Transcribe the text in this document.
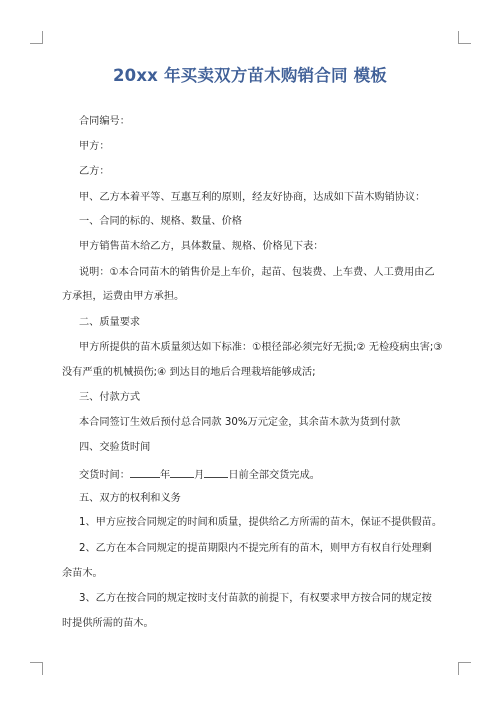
20xx 年买卖双方苗木购销合同 模板
合同编号：
甲方：
乙方：
甲、乙方本着平等、互惠互利的原则，经友好协商，达成如下苗木购销协议：
一、合同的标的、规格、数量、价格
甲方销售苗木给乙方，具体数量、规格、价格见下表：
说明：①本合同苗木的销售价是上车价，起苗、包装费、上车费、人工费用由乙
方承担，运费由甲方承担。
二、质量要求
甲方所提供的苗木质量须达如下标准：①根径部必须完好无损;② 无检疫病虫害;③
没有严重的机械损伤;④ 到达目的地后合理栽培能够成活;
三、付款方式
本合同签订生效后预付总合同款 30%万元定金，其余苗木款为货到付款
四、交验货时间
交货时间：	年 月 日前全部交货完成。
五、双方的权利和义务
1、甲方应按合同规定的时间和质量，提供给乙方所需的苗木，保证不提供假苗。
2、乙方在本合同规定的提苗期限内不提完所有的苗木，则甲方有权自行处理剩
余苗木。
3、乙方在按合同的规定按时支付苗款的前提下，有权要求甲方按合同的规定按
时提供所需的苗木。
